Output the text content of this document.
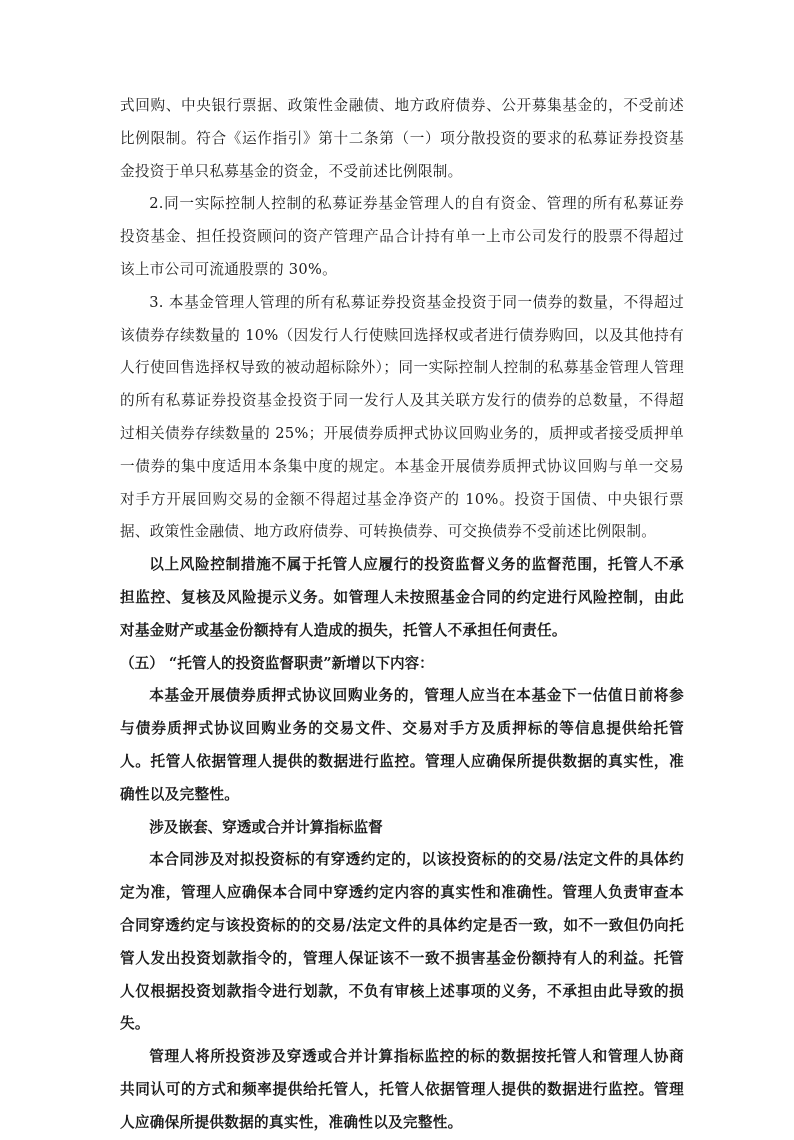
式回购、中央银行票据、政策性金融债、地方政府债券、公开募集基金的，不受前述比例限制。符合《运作指引》第十二条第（一）项分散投资的要求的私募证券投资基金投资于单只私募基金的资金，不受前述比例限制。

2.同一实际控制人控制的私募证券基金管理人的自有资金、管理的所有私募证券投资基金、担任投资顾问的资产管理产品合计持有单一上市公司发行的股票不得超过该上市公司可流通股票的 30%。

3. 本基金管理人管理的所有私募证券投资基金投资于同一债券的数量，不得超过该债券存续数量的 10%（因发行人行使赎回选择权或者进行债券购回，以及其他持有人行使回售选择权导致的被动超标除外）；同一实际控制人控制的私募基金管理人管理的所有私募证券投资基金投资于同一发行人及其关联方发行的债券的总数量，不得超过相关债券存续数量的 25%；开展债券质押式协议回购业务的，质押或者接受质押单一债券的集中度适用本条集中度的规定。本基金开展债券质押式协议回购与单一交易对手方开展回购交易的金额不得超过基金净资产的 10%。投资于国债、中央银行票据、政策性金融债、地方政府债券、可转换债券、可交换债券不受前述比例限制。

以上风险控制措施不属于托管人应履行的投资监督义务的监督范围，托管人不承担监控、复核及风险提示义务。如管理人未按照基金合同的约定进行风险控制，由此对基金财产或基金份额持有人造成的损失，托管人不承担任何责任。

（五） “托管人的投资监督职责”新增以下内容：

本基金开展债券质押式协议回购业务的，管理人应当在本基金下一估值日前将参与债券质押式协议回购业务的交易文件、交易对手方及质押标的等信息提供给托管人。托管人依据管理人提供的数据进行监控。管理人应确保所提供数据的真实性，准确性以及完整性。

涉及嵌套、穿透或合并计算指标监督

本合同涉及对拟投资标的有穿透约定的，以该投资标的的交易/法定文件的具体约定为准，管理人应确保本合同中穿透约定内容的真实性和准确性。管理人负责审查本合同穿透约定与该投资标的的交易/法定文件的具体约定是否一致，如不一致但仍向托管人发出投资划款指令的，管理人保证该不一致不损害基金份额持有人的利益。托管人仅根据投资划款指令进行划款，不负有审核上述事项的义务，不承担由此导致的损失。

管理人将所投资涉及穿透或合并计算指标监控的标的数据按托管人和管理人协商共同认可的方式和频率提供给托管人，托管人依据管理人提供的数据进行监控。管理人应确保所提供数据的真实性，准确性以及完整性。
